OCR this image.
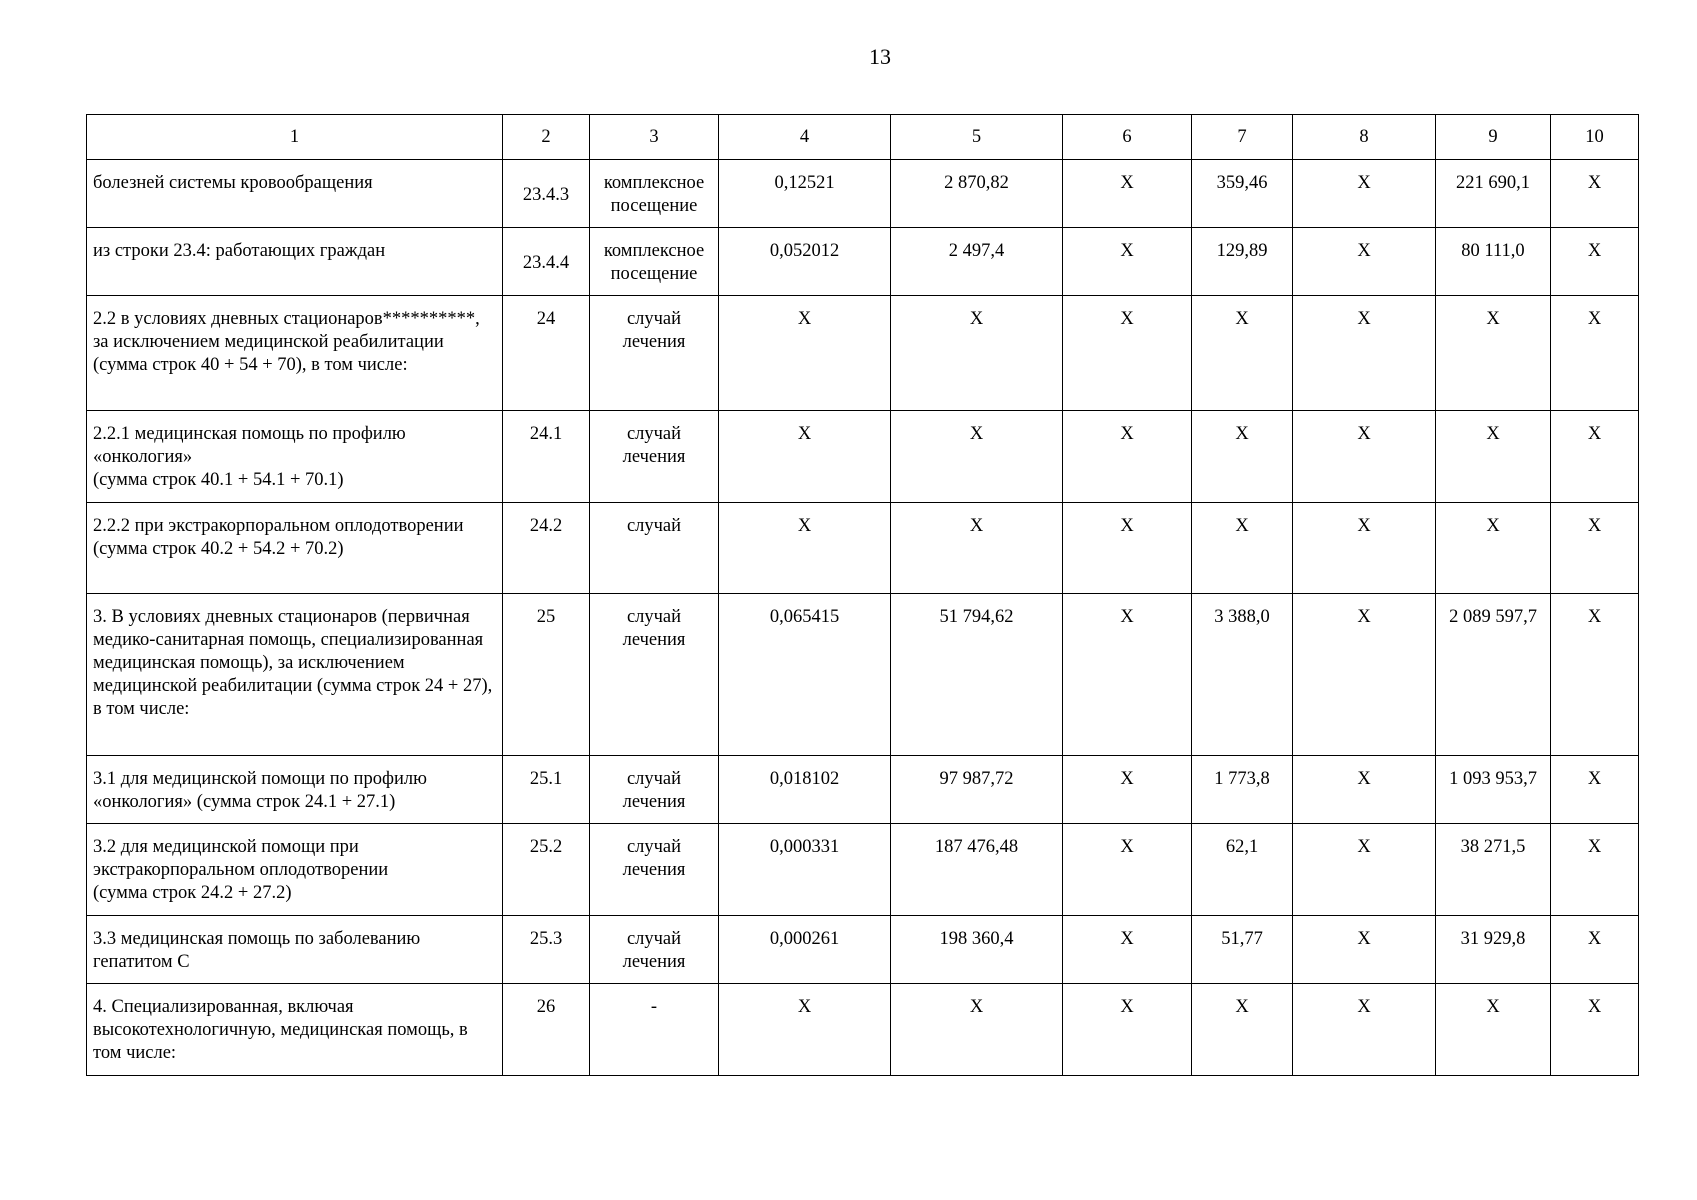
13
1	2	3	4	5	6	7	8	9	10
болезней системы кровообращения	23.4.3	комплексное посещение	0,12521	2 870,82	X	359,46	X	221 690,1	X
из строки 23.4: работающих граждан	23.4.4	комплексное посещение	0,052012	2 497,4	X	129,89	X	80 111,0	X
2.2 в условиях дневных стационаров**********, за исключением медицинской реабилитации
(сумма строк 40 + 54 + 70), в том числе:	24	случай лечения	X	X	X	X	X	X	X
2.2.1 медицинская помощь по профилю «онкология»
(сумма строк 40.1 + 54.1 + 70.1)	24.1	случай лечения	X	X	X	X	X	X	X
2.2.2 при экстракорпоральном оплодотворении
(сумма строк 40.2 + 54.2 + 70.2)	24.2	случай	X	X	X	X	X	X	X
3. В условиях дневных стационаров (первичная медико-санитарная помощь, специализированная медицинская помощь), за исключением медицинской реабилитации (сумма строк 24 + 27),
в том числе:	25	случай лечения	0,065415	51 794,62	X	3 388,0	X	2 089 597,7	X
3.1 для медицинской помощи по профилю «онкология» (сумма строк 24.1 + 27.1)	25.1	случай лечения	0,018102	97 987,72	X	1 773,8	X	1 093 953,7	X
3.2 для медицинской помощи при экстракорпоральном оплодотворении
(сумма строк 24.2 + 27.2)	25.2	случай лечения	0,000331	187 476,48	X	62,1	X	38 271,5	X
3.3 медицинская помощь по заболеванию гепатитом С	25.3	случай лечения	0,000261	198 360,4	X	51,77	X	31 929,8	X
4. Специализированная, включая высокотехнологичную, медицинская помощь, в том числе:	26	-	X	X	X	X	X	X	X
